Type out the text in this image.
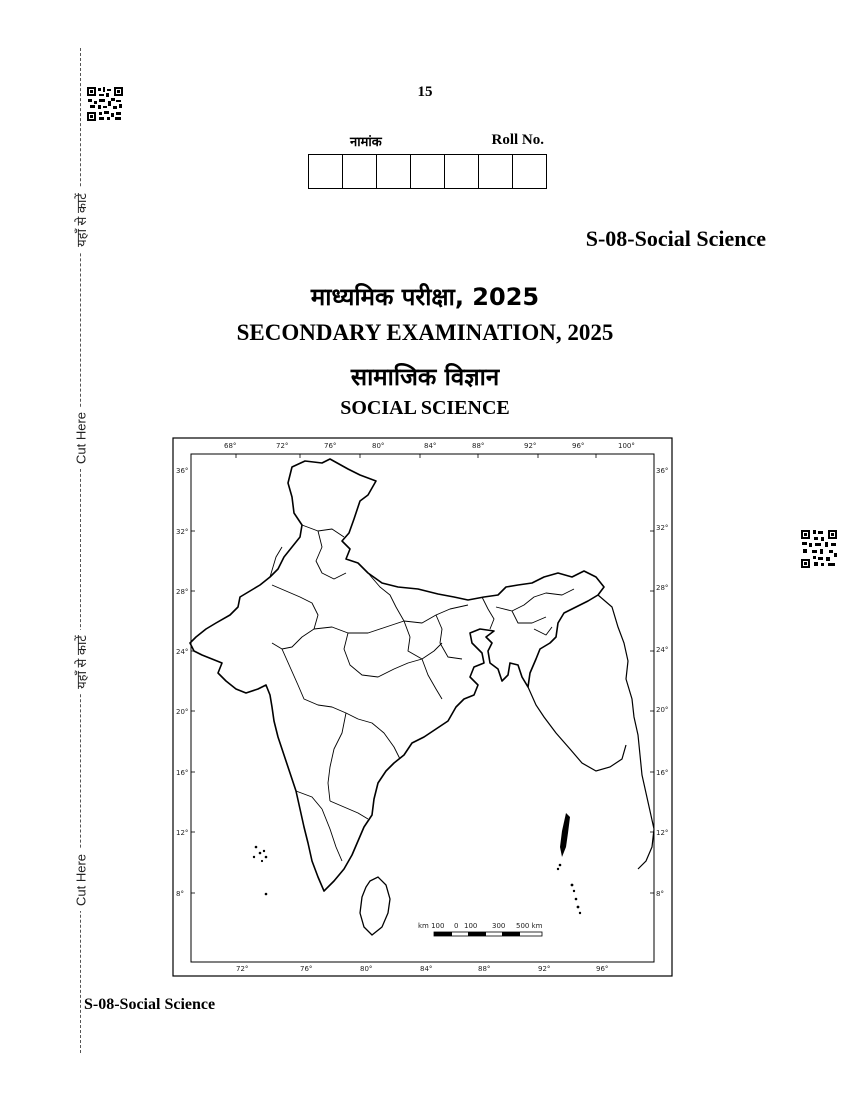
यहाँ से काटें
Cut Here
यहाँ से काटें
Cut Here
15
नामांक	Roll No.
S-08-Social Science
माध्यमिक परीक्षा, 2025
SECONDARY EXAMINATION, 2025
सामाजिक विज्ञान
SOCIAL SCIENCE
68°	72°	76°	80°	84°	88°	92°	96°	100°
72°	76°	80°	84°	88°	92°	96°
36°
32°
28°
24°
20°
16°
12°
8°
36°
32°
28°
24°
20°
16°
12°
8°
km 100 0 100 300 500 km
S-08-Social Science
